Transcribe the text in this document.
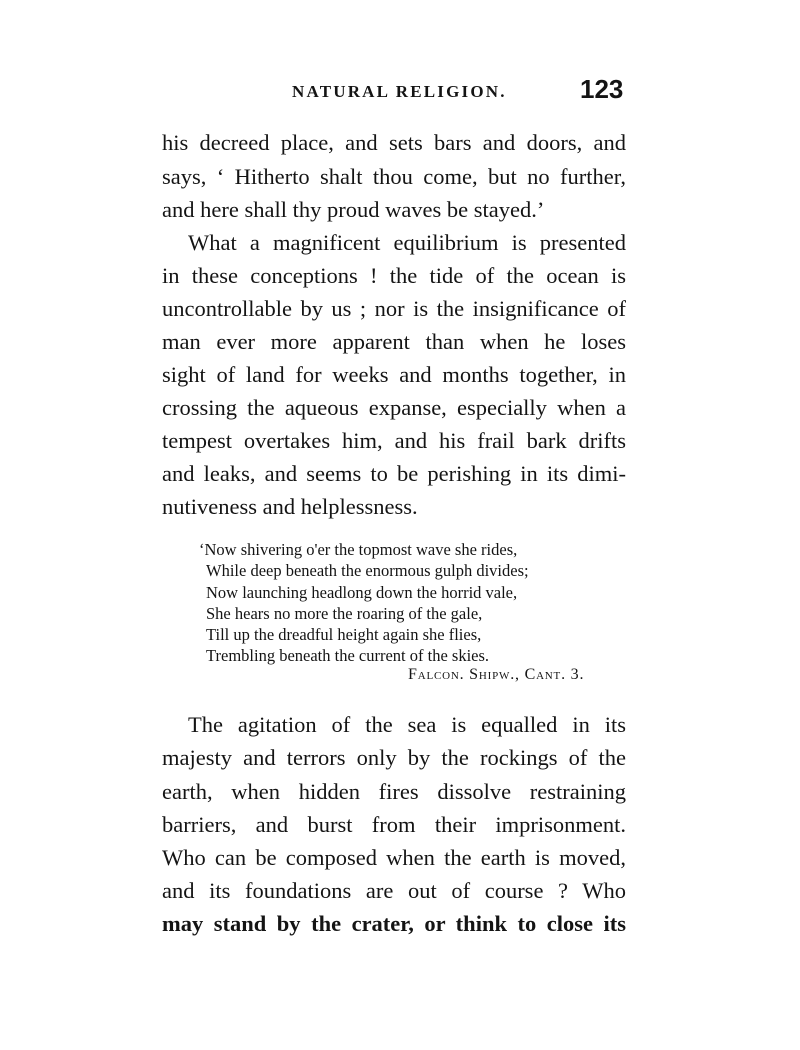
NATURAL RELIGION.	123
his decreed place, and sets bars and doors, and
says, ‘ Hitherto shalt thou come, but no further,
and here shall thy proud waves be stayed.’
What a magnificent equilibrium is presented
in these conceptions ! the tide of the ocean is
uncontrollable by us ; nor is the insignificance of
man ever more apparent than when he loses
sight of land for weeks and months together, in
crossing the aqueous expanse, especially when a
tempest overtakes him, and his frail bark drifts
and leaks, and seems to be perishing in its dimi-
nutiveness and helplessness.
‘Now shivering o'er the topmost wave she rides,
While deep beneath the enormous gulph divides;
Now launching headlong down the horrid vale,
She hears no more the roaring of the gale,
Till up the dreadful height again she flies,
Trembling beneath the current of the skies.
Falcon. Shipw., Cant. 3.
The agitation of the sea is equalled in its
majesty and terrors only by the rockings of the
earth, when hidden fires dissolve restraining
barriers, and burst from their imprisonment.
Who can be composed when the earth is moved,
and its foundations are out of course ? Who
may stand by the crater, or think to close its
